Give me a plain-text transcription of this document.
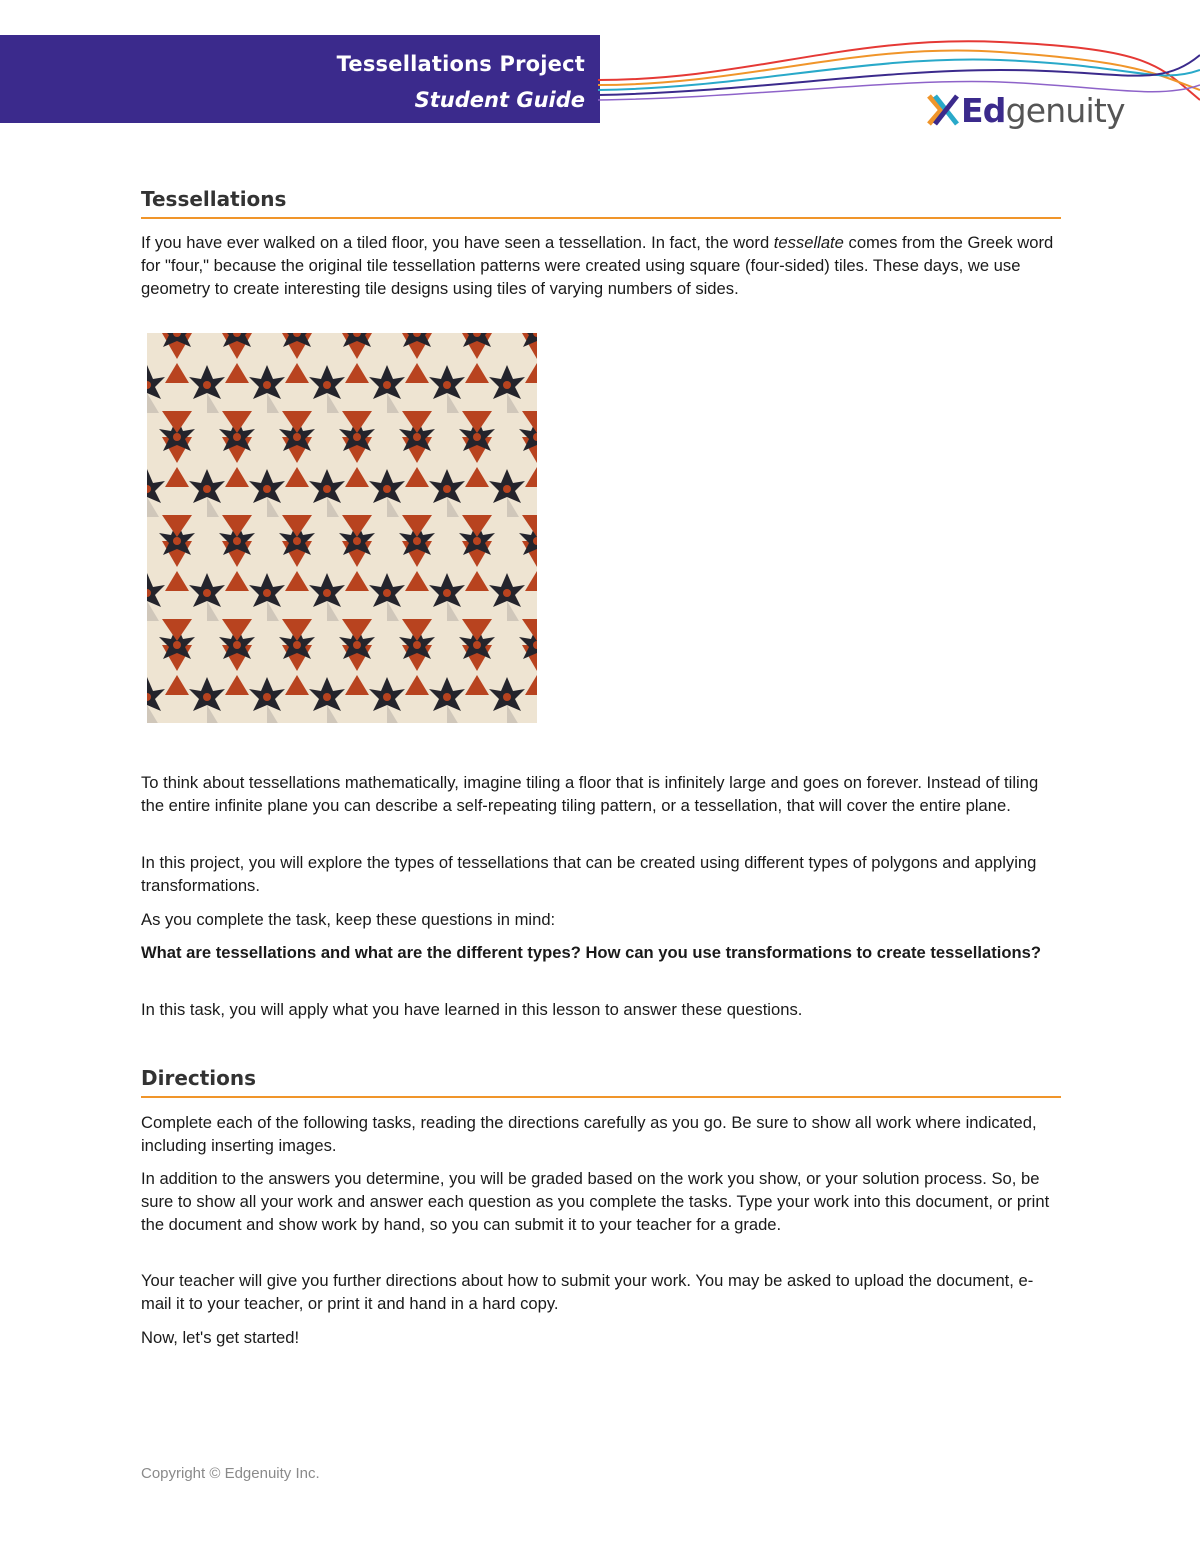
Tessellations Project
Student Guide	Edgenuity
Tessellations

If you have ever walked on a tiled floor, you have seen a tessellation. In fact, the word tessellate comes from the Greek word for "four," because the original tile tessellation patterns were created using square (four-sided) tiles. These days, we use geometry to create interesting tile designs using tiles of varying numbers of sides.

To think about tessellations mathematically, imagine tiling a floor that is infinitely large and goes on forever. Instead of tiling the entire infinite plane you can describe a self-repeating tiling pattern, or a tessellation, that will cover the entire plane.

In this project, you will explore the types of tessellations that can be created using different types of polygons and applying transformations.

As you complete the task, keep these questions in mind:

What are tessellations and what are the different types? How can you use transformations to create tessellations?

In this task, you will apply what you have learned in this lesson to answer these questions.

Directions

Complete each of the following tasks, reading the directions carefully as you go. Be sure to show all work where indicated, including inserting images.

In addition to the answers you determine, you will be graded based on the work you show, or your solution process. So, be sure to show all your work and answer each question as you complete the tasks. Type your work into this document, or print the document and show work by hand, so you can submit it to your teacher for a grade.

Your teacher will give you further directions about how to submit your work. You may be asked to upload the document, e-mail it to your teacher, or print it and hand in a hard copy.

Now, let's get started!

Copyright © Edgenuity Inc.
